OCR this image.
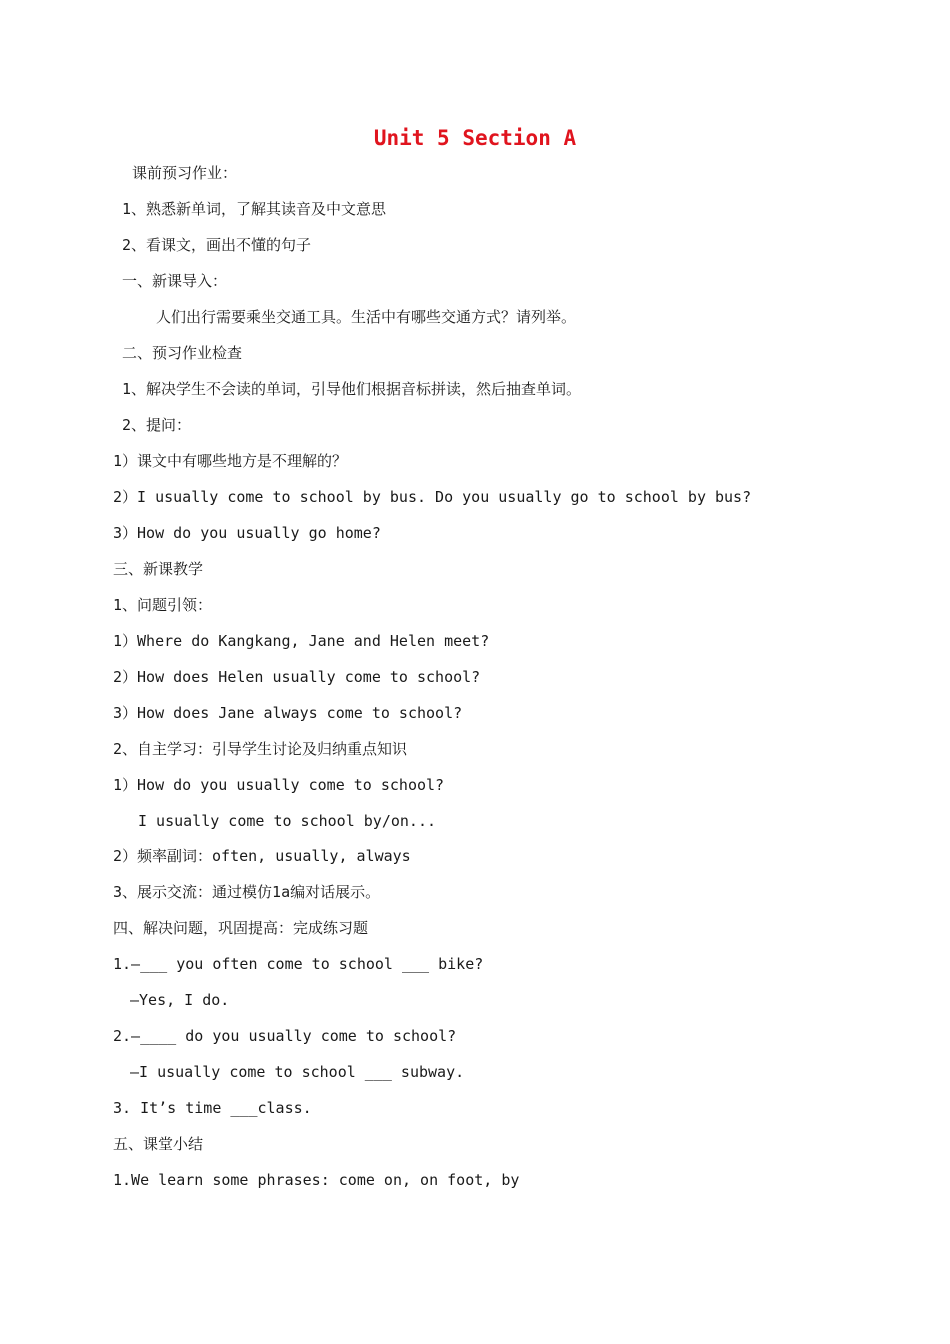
Unit 5 Section A

课前预习作业：

1、熟悉新单词，了解其读音及中文意思

2、看课文，画出不懂的句子

一、新课导入：

人们出行需要乘坐交通工具。生活中有哪些交通方式？请列举。

二、预习作业检查

1、解决学生不会读的单词，引导他们根据音标拼读，然后抽查单词。

2、提问：

1）课文中有哪些地方是不理解的？

2）I usually come to school by bus. Do you usually go to school by bus?

3）How do you usually go home?

三、新课教学

1、问题引领：

1）Where do Kangkang, Jane and Helen meet?

2）How does Helen usually come to school?

3）How does Jane always come to school?

2、自主学习：引导学生讨论及归纳重点知识

1）How do you usually come to school?

I usually come to school by/on...

2）频率副词：often, usually, always

3、展示交流：通过模仿1a编对话展示。

四、解决问题，巩固提高：完成练习题

1.—___ you often come to school ___ bike?

—Yes, I do.

2.—____ do you usually come to school?

—I usually come to school ___ subway.

3. It’s time ___class.

五、课堂小结

1.We learn some phrases: come on, on foot, by
